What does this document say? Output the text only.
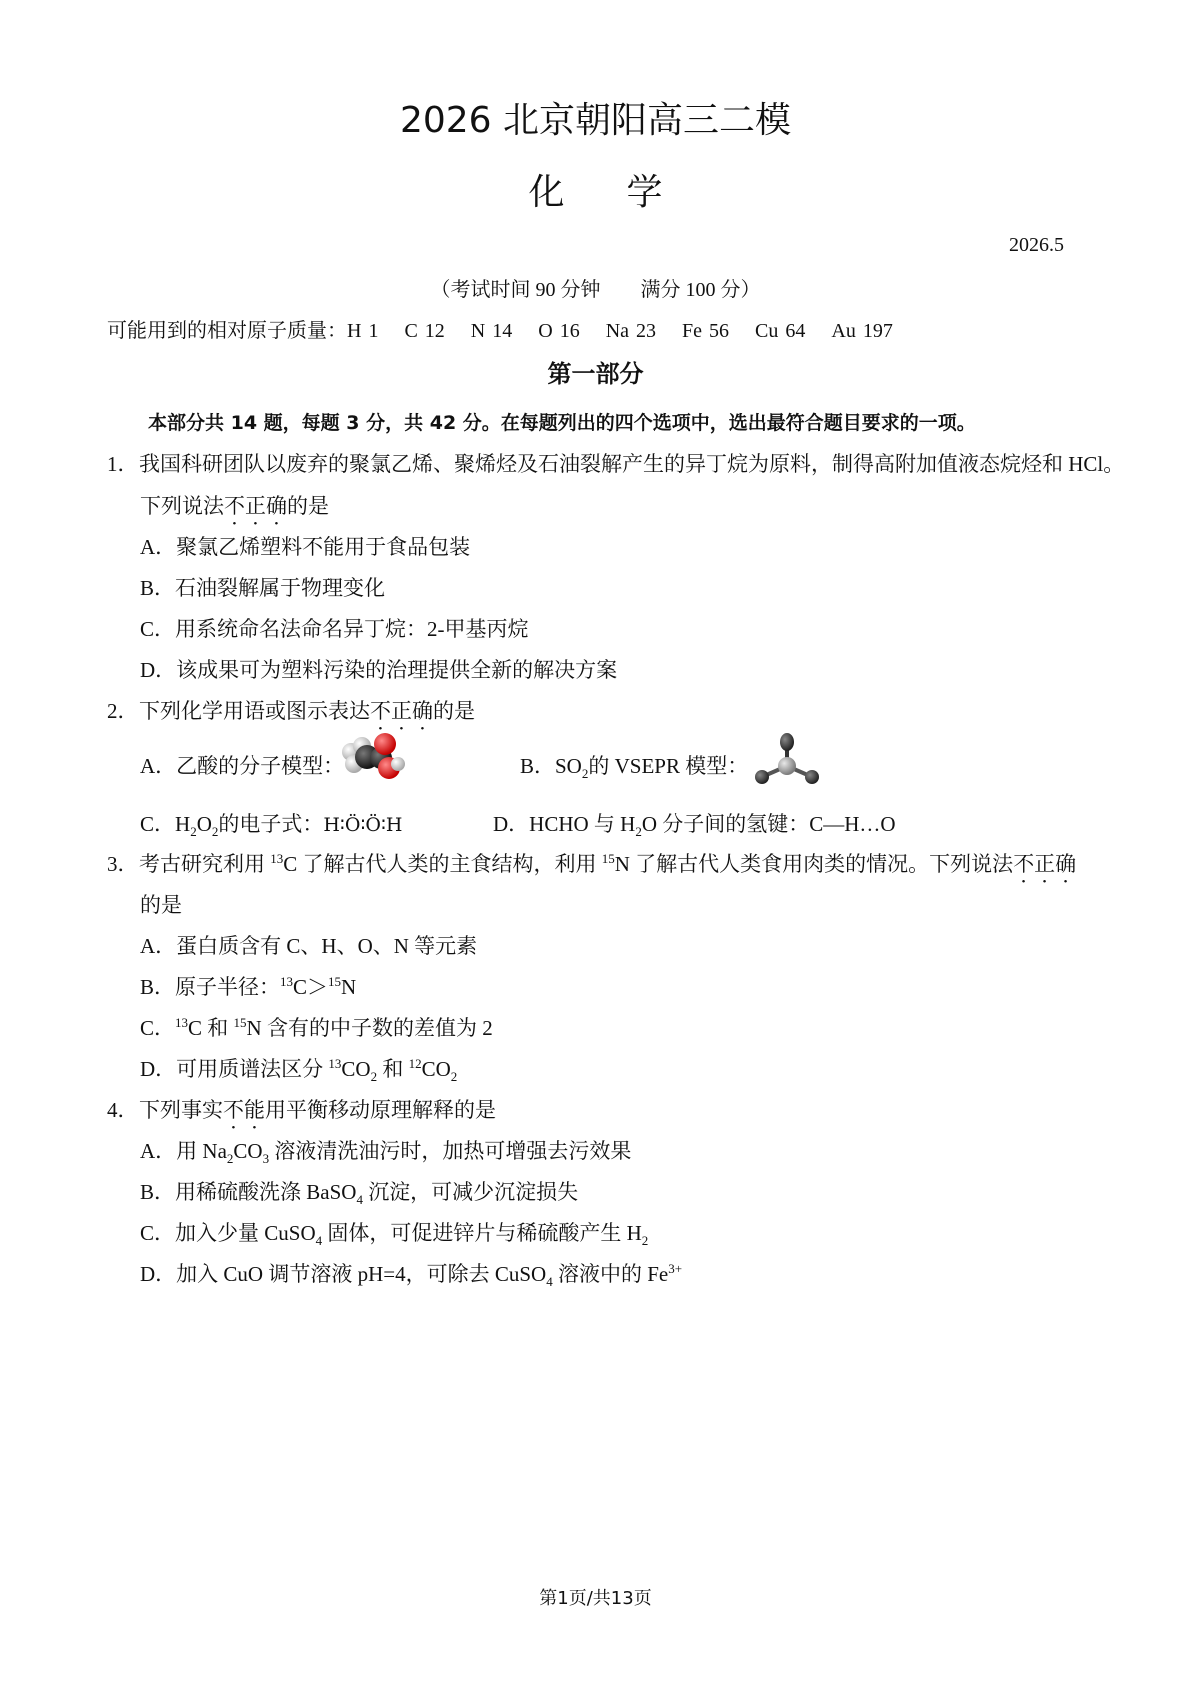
2026 北京朝阳高三二模
化学
2026.5
（考试时间 90 分钟　　满分 100 分）
可能用到的相对原子质量：H 1 C 12 N 14 O 16 Na 23 Fe 56 Cu 64 Au 197
第一部分
本部分共 14 题，每题 3 分，共 42 分。在每题列出的四个选项中，选出最符合题目要求的一项。
1．我国科研团队以废弃的聚氯乙烯、聚烯烃及石油裂解产生的异丁烷为原料，制得高附加值液态烷烃和 HCl。
下列说法不正确的是
A．聚氯乙烯塑料不能用于食品包装
B．石油裂解属于物理变化
C．用系统命名法命名异丁烷：2-甲基丙烷
D．该成果可为塑料污染的治理提供全新的解决方案
2．下列化学用语或图示表达不正确的是
A．乙酸的分子模型：	B．$SO_2$的 VSEPR 模型：
C．$H_2O_2$的电子式：H∶Ö∶Ö∶H	D．HCHO 与 $H_2O$ 分子间的氢键：C—H…O
3．考古研究利用 $^{13}$C 了解古代人类的主食结构，利用 $^{15}$N 了解古代人类食用肉类的情况。下列说法不正确
的是
A．蛋白质含有 C、H、O、N 等元素
B．原子半径：$^{13}$C＞$^{15}$N
C．$^{13}$C 和 $^{15}$N 含有的中子数的差值为 2
D．可用质谱法区分 $^{13}CO_2$ 和 $^{12}CO_2$
4．下列事实不能用平衡移动原理解释的是
A．用 $Na_2CO_3$ 溶液清洗油污时，加热可增强去污效果
B．用稀硫酸洗涤 BaSO$_4$ 沉淀，可减少沉淀损失
C．加入少量 CuSO$_4$ 固体，可促进锌片与稀硫酸产生 $H_2$
D．加入 CuO 调节溶液 pH=4，可除去 CuSO$_4$ 溶液中的 $Fe^{3+}$
第1页/共13页
